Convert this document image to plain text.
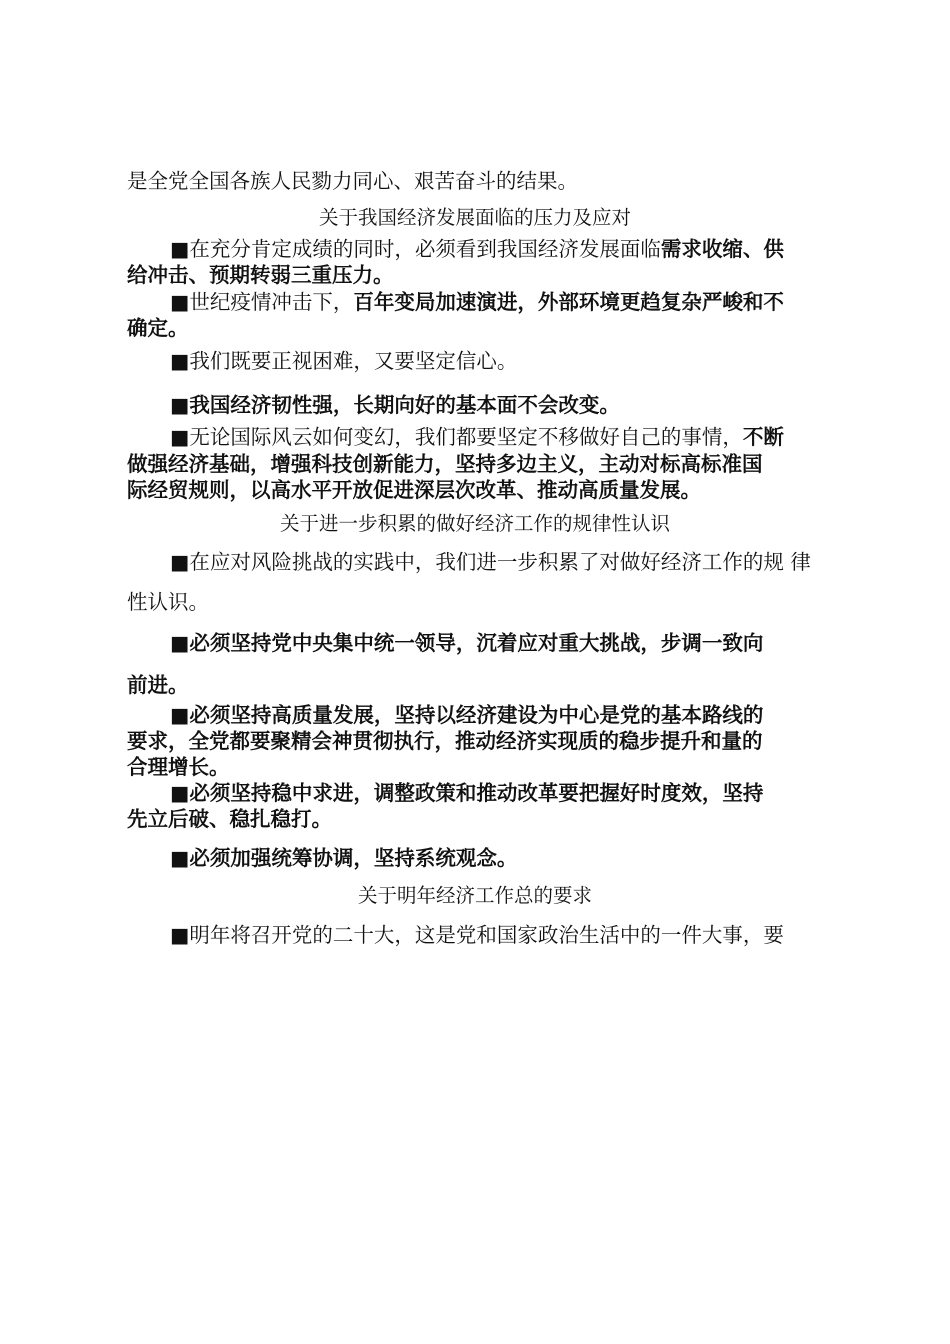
是全党全国各族人民勠力同心、艰苦奋斗的结果。
关于我国经济发展面临的压力及应对
■在充分肯定成绩的同时，必须看到我国经济发展面临需求收缩、供
给冲击、预期转弱三重压力。
■世纪疫情冲击下，百年变局加速演进，外部环境更趋复杂严峻和不
确定。
■我们既要正视困难，又要坚定信心。
■我国经济韧性强，长期向好的基本面不会改变。
■无论国际风云如何变幻，我们都要坚定不移做好自己的事情，不断
做强经济基础，增强科技创新能力，坚持多边主义，主动对标高标准国
际经贸规则，以高水平开放促进深层次改革、推动高质量发展。
关于进一步积累的做好经济工作的规律性认识
■在应对风险挑战的实践中，我们进一步积累了对做好经济工作的规 律
性认识。
■必须坚持党中央集中统一领导，沉着应对重大挑战，步调一致向
前进。
■必须坚持高质量发展，坚持以经济建设为中心是党的基本路线的
要求，全党都要聚精会神贯彻执行，推动经济实现质的稳步提升和量的
合理增长。
■必须坚持稳中求进，调整政策和推动改革要把握好时度效，坚持
先立后破、稳扎稳打。
■必须加强统筹协调，坚持系统观念。
关于明年经济工作总的要求
■明年将召开党的二十大，这是党和国家政治生活中的一件大事，要
